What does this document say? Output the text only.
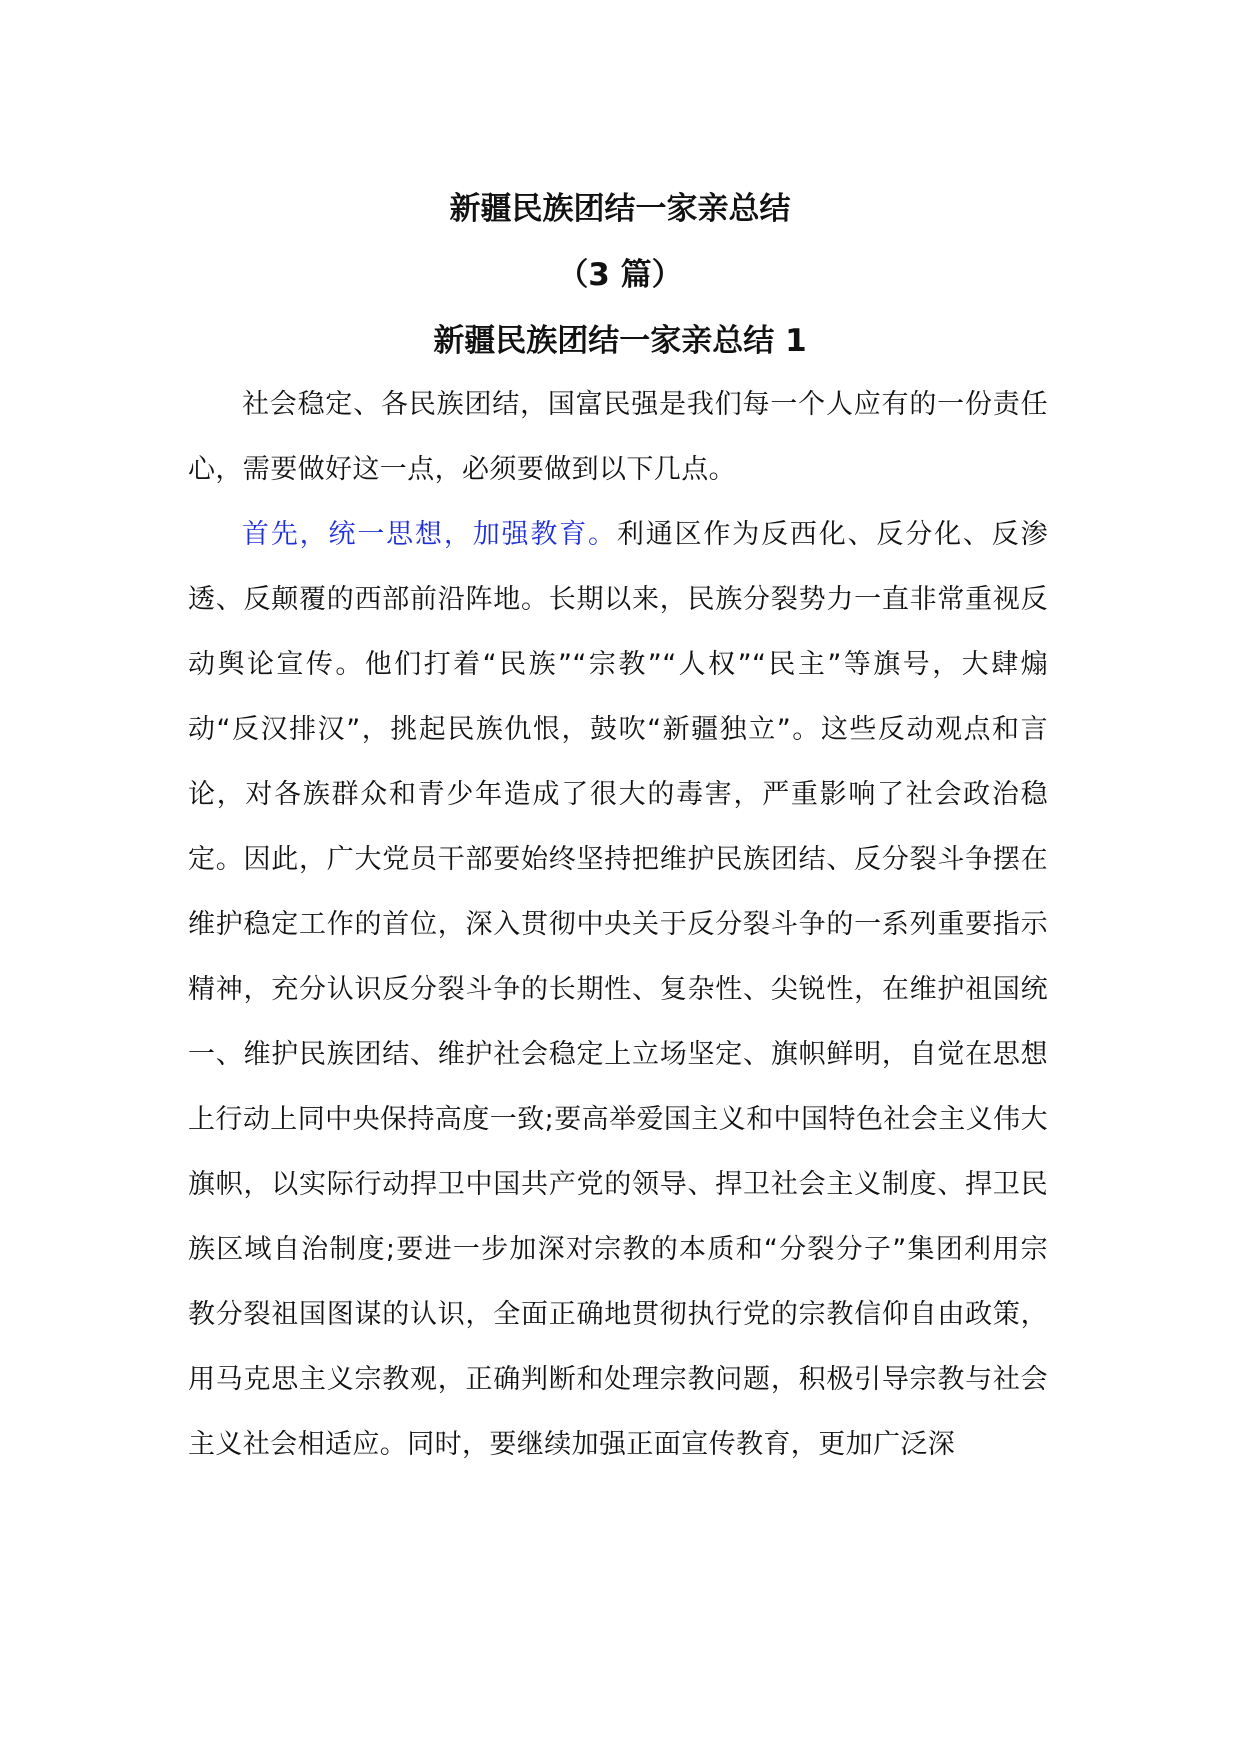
新疆民族团结一家亲总结

（3 篇）

新疆民族团结一家亲总结 1

社会稳定、各民族团结，国富民强是我们每一个人应有的一份责任心，需要做好这一点，必须要做到以下几点。

首先，统一思想，加强教育。利通区作为反西化、反分化、反渗透、反颠覆的西部前沿阵地。长期以来，民族分裂势力一直非常重视反动舆论宣传。他们打着“民族”“宗教”“人权”“民主”等旗号，大肆煽动“反汉排汉”，挑起民族仇恨，鼓吹“新疆独立”。这些反动观点和言论，对各族群众和青少年造成了很大的毒害，严重影响了社会政治稳定。因此，广大党员干部要始终坚持把维护民族团结、反分裂斗争摆在维护稳定工作的首位，深入贯彻中央关于反分裂斗争的一系列重要指示精神，充分认识反分裂斗争的长期性、复杂性、尖锐性，在维护祖国统一、维护民族团结、维护社会稳定上立场坚定、旗帜鲜明，自觉在思想上行动上同中央保持高度一致;要高举爱国主义和中国特色社会主义伟大旗帜，以实际行动捍卫中国共产党的领导、捍卫社会主义制度、捍卫民族区域自治制度;要进一步加深对宗教的本质和“分裂分子”集团利用宗教分裂祖国图谋的认识，全面正确地贯彻执行党的宗教信仰自由政策，用马克思主义宗教观，正确判断和处理宗教问题，积极引导宗教与社会主义社会相适应。同时，要继续加强正面宣传教育，更加广泛深
